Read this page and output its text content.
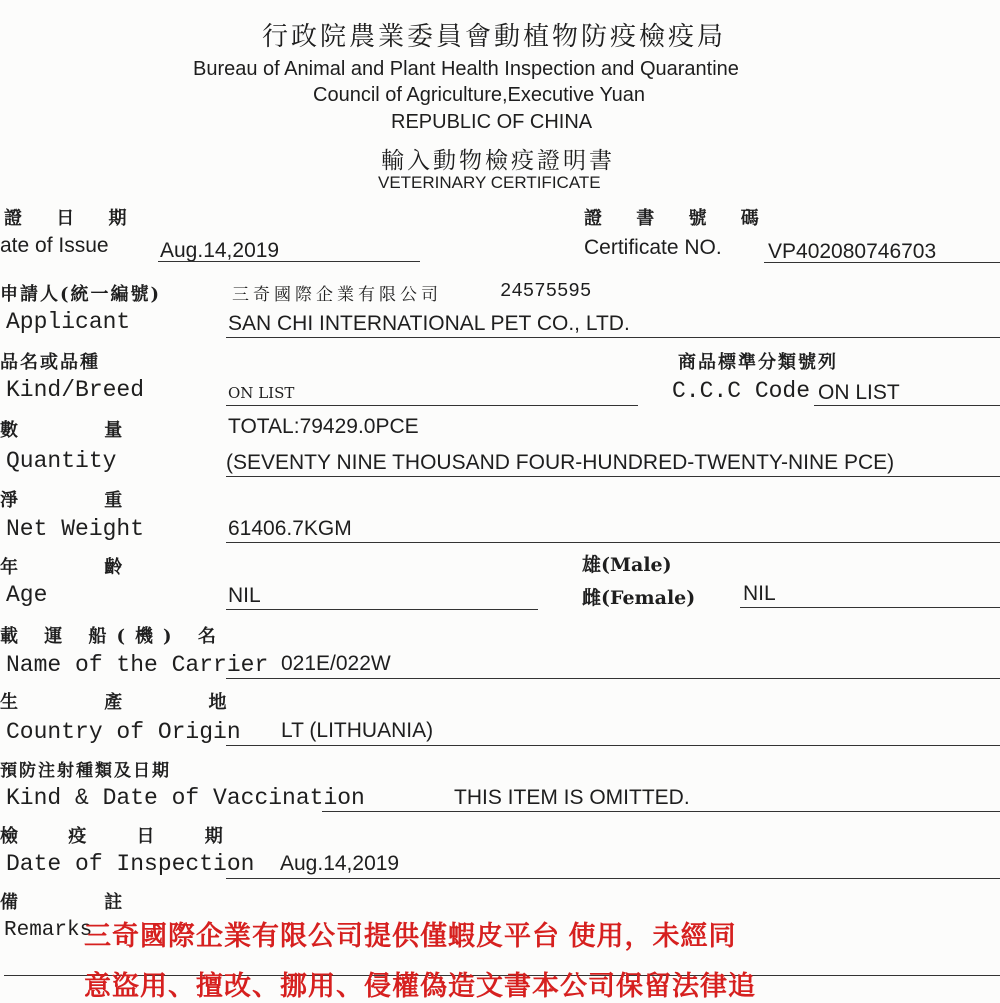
行政院農業委員會動植物防疫檢疫局
Bureau of Animal and Plant Health Inspection and Quarantine
Council of Agriculture,Executive Yuan
REPUBLIC OF CHINA
輸入動物檢疫證明書
VETERINARY CERTIFICATE
證 日 期
ate of Issue Aug.14,2019
證 書 號 碼
Certificate NO. VP402080746703
申請人(統一編號)
Applicant
三奇國際企業有限公司	24575595
SAN CHI INTERNATIONAL PET CO., LTD.
品名或品種
Kind/Breed	ON LIST
商品標準分類號列
C.C.C Code ON LIST
數 量
Quantity
TOTAL:79429.0PCE
(SEVENTY NINE THOUSAND FOUR-HUNDRED-TWENTY-NINE PCE)
淨 重
Net Weight	61406.7KGM
年 齡
Age	NIL
雄(Male)
雌(Female) NIL
載 運 船(機) 名
Name of the Carrier 021E/022W
生 產 地
Country of Origin LT (LITHUANIA)
預防注射種類及日期
Kind & Date of Vaccination	THIS ITEM IS OMITTED.
檢 疫 日 期
Date of Inspection Aug.14,2019
備 註
Remarks
三奇國際企業有限公司提供僅蝦皮平台 使用，未經同
意盜用、擅改、挪用、侵權偽造文書本公司保留法律追
